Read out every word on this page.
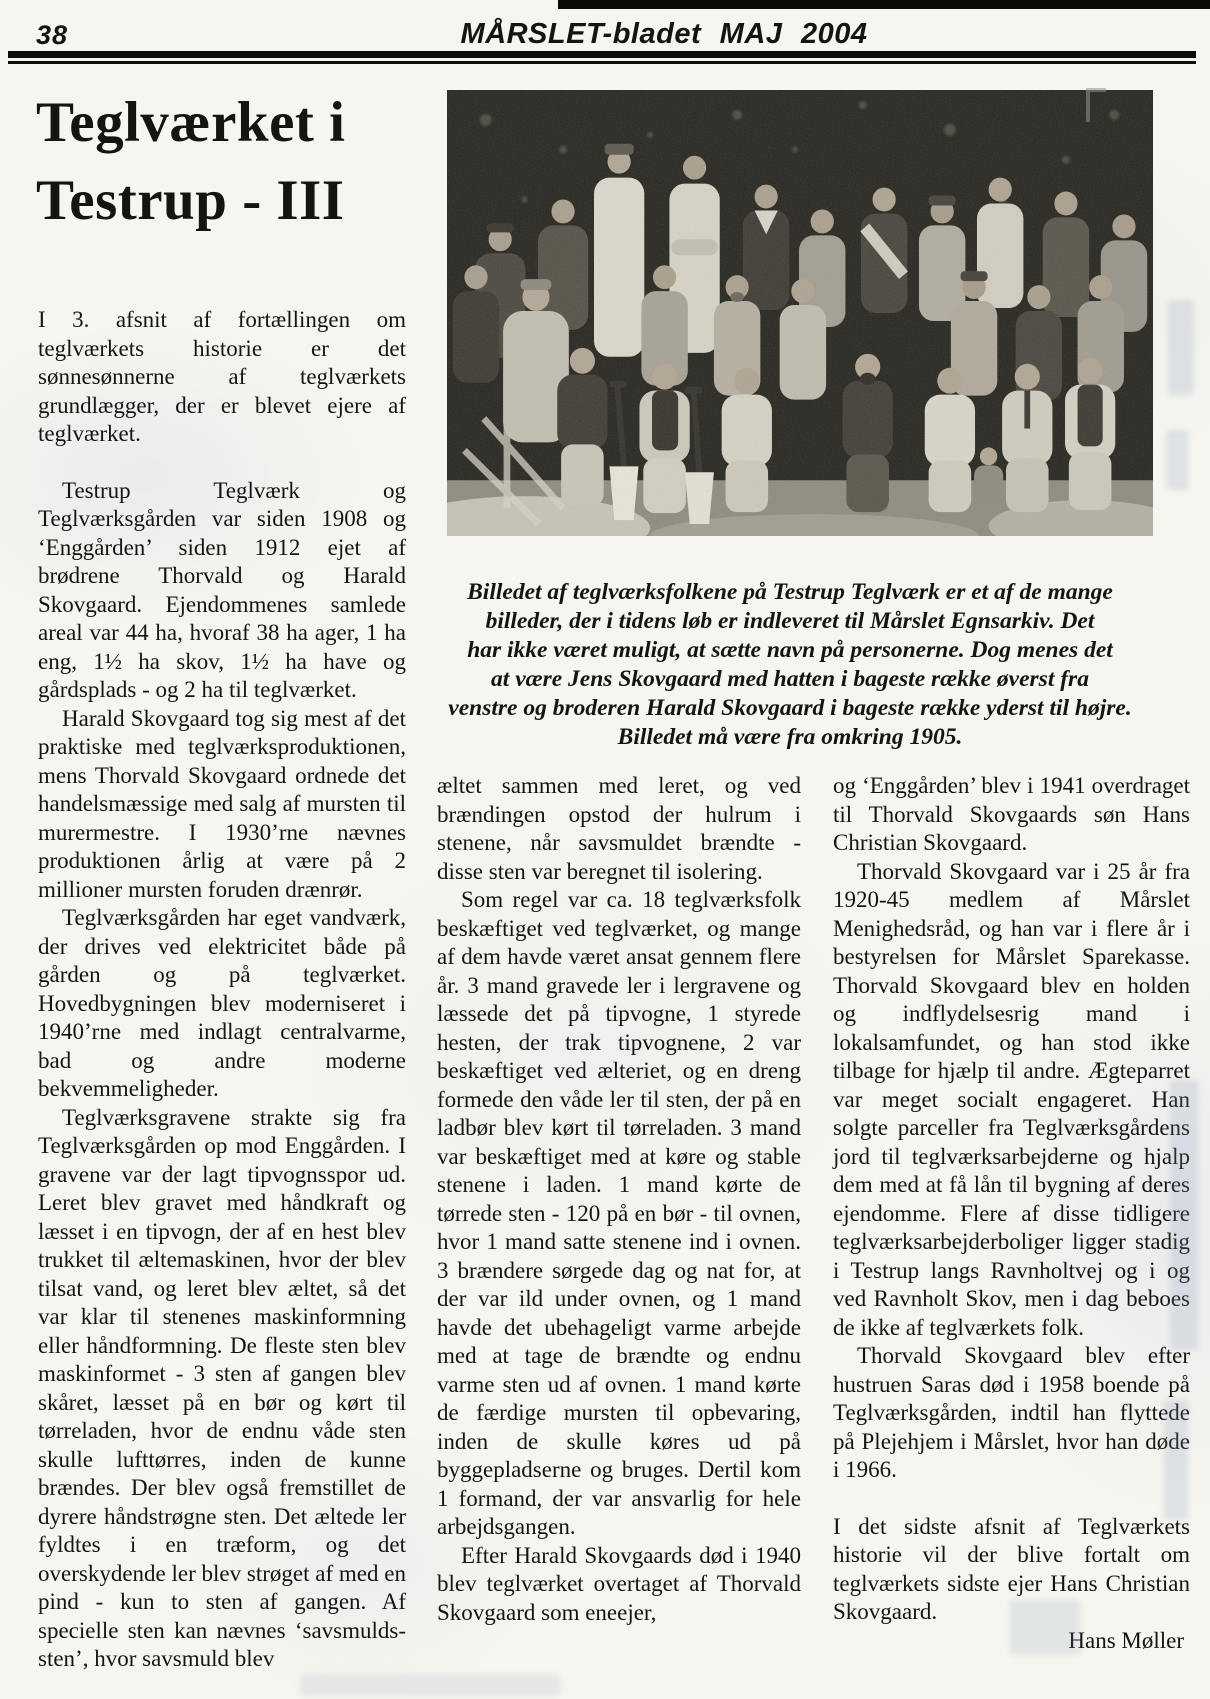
38	MÅRSLET-bladet MAJ 2004
Teglværket i
Testrup - III
Billedet af teglværksfolkene på Testrup Teglværk er et af de mange
billeder, der i tidens løb er indleveret til Mårslet Egnsarkiv. Det
har ikke været muligt, at sætte navn på personerne. Dog menes det
at være Jens Skovgaard med hatten i bageste række øverst fra
venstre og broderen Harald Skovgaard i bageste række yderst til højre.
Billedet må være fra omkring 1905.

I 3. afsnit af fortællingen om teglværkets historie er det sønnesønnerne af teglværkets grundlægger, der er blevet ejere af teglværket.

Testrup Teglværk og Teglværksgården var siden 1908 og ‘Enggården’ siden 1912 ejet af brødrene Thorvald og Harald Skovgaard. Ejendommenes samlede areal var 44 ha, hvoraf 38 ha ager, 1 ha eng, 1½ ha skov, 1½ ha have og gårdsplads - og 2 ha til teglværket.

Harald Skovgaard tog sig mest af det praktiske med teglværksproduktionen, mens Thorvald Skovgaard ordnede det handelsmæssige med salg af mursten til murermestre. I 1930’rne nævnes produktionen årlig at være på 2 millioner mursten foruden drænrør.

Teglværksgården har eget vandværk, der drives ved elektricitet både på gården og på teglværket. Hovedbygningen blev moderniseret i 1940’rne med indlagt centralvarme, bad og andre moderne bekvemmeligheder.

Teglværksgravene strakte sig fra Teglværksgården op mod Enggården. I gravene var der lagt tipvognsspor ud. Leret blev gravet med håndkraft og læsset i en tipvogn, der af en hest blev trukket til æltemaskinen, hvor der blev tilsat vand, og leret blev æltet, så det var klar til stenenes maskinformning eller håndformning. De fleste sten blev maskinformet - 3 sten af gangen blev skåret, læsset på en bør og kørt til tørreladen, hvor de endnu våde sten skulle lufttørres, inden de kunne brændes. Der blev også fremstillet de dyrere håndstrøgne sten. Det æltede ler fyldtes i en træform, og det overskydende ler blev strøget af med en pind - kun to sten af gangen. Af specielle sten kan nævnes ‘savsmulds-sten’, hvor savsmuld blev

æltet sammen med leret, og ved brændingen opstod der hulrum i stenene, når savsmuldet brændte - disse sten var beregnet til isolering.

Som regel var ca. 18 teglværksfolk beskæftiget ved teglværket, og mange af dem havde været ansat gennem flere år. 3 mand gravede ler i lergravene og læssede det på tipvogne, 1 styrede hesten, der trak tipvognene, 2 var beskæftiget ved ælteriet, og en dreng formede den våde ler til sten, der på en ladbør blev kørt til tørreladen. 3 mand var beskæftiget med at køre og stable stenene i laden. 1 mand kørte de tørrede sten - 120 på en bør - til ovnen, hvor 1 mand satte stenene ind i ovnen. 3 brændere sørgede dag og nat for, at der var ild under ovnen, og 1 mand havde det ubehageligt varme arbejde med at tage de brændte og endnu varme sten ud af ovnen. 1 mand kørte de færdige mursten til opbevaring, inden de skulle køres ud på byggepladserne og bruges. Dertil kom 1 formand, der var ansvarlig for hele arbejdsgangen.

Efter Harald Skovgaards død i 1940 blev teglværket overtaget af Thorvald Skovgaard som eneejer,

og ‘Enggården’ blev i 1941 overdraget til Thorvald Skovgaards søn Hans Christian Skovgaard.

Thorvald Skovgaard var i 25 år fra 1920-45 medlem af Mårslet Menighedsråd, og han var i flere år i bestyrelsen for Mårslet Sparekasse. Thorvald Skovgaard blev en holden og indflydelsesrig mand i lokalsamfundet, og han stod ikke tilbage for hjælp til andre. Ægteparret var meget socialt engageret. Han solgte parceller fra Teglværksgårdens jord til teglværksarbejderne og hjalp dem med at få lån til bygning af deres ejendomme. Flere af disse tidligere teglværksarbejderboliger ligger stadig i Testrup langs Ravnholtvej og i og ved Ravnholt Skov, men i dag beboes de ikke af teglværkets folk.

Thorvald Skovgaard blev efter hustruen Saras død i 1958 boende på Teglværksgården, indtil han flyttede på Plejehjem i Mårslet, hvor han døde i 1966.

I det sidste afsnit af Teglværkets historie vil der blive fortalt om teglværkets sidste ejer Hans Christian Skovgaard.

Hans Møller
